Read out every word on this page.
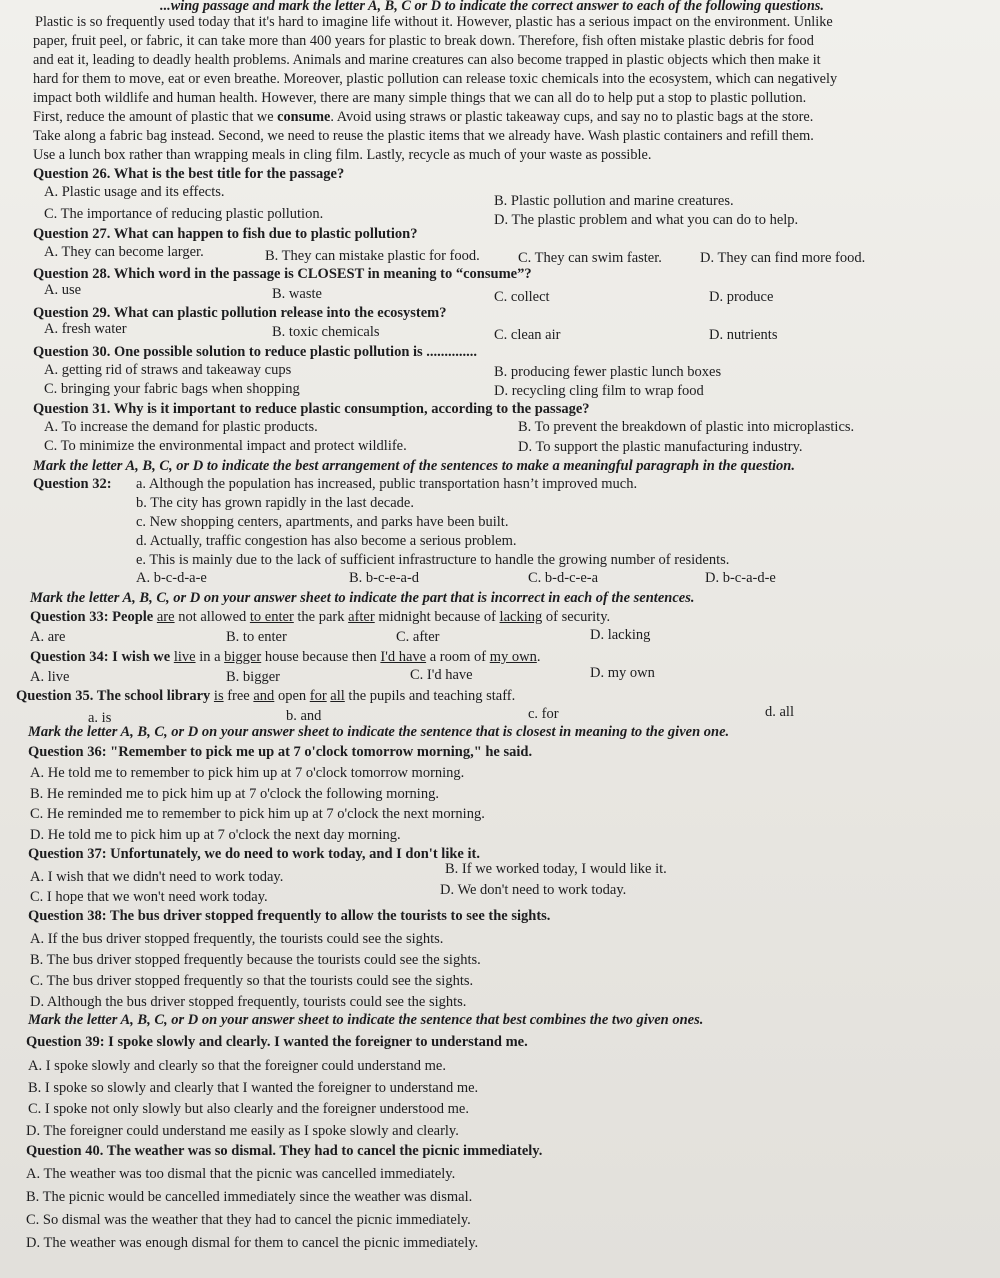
...wing passage and mark the letter A, B, C or D to indicate the correct answer to each of the following questions.
Plastic is so frequently used today that it's hard to imagine life without it. However, plastic has a serious impact on the environment. Unlike
paper, fruit peel, or fabric, it can take more than 400 years for plastic to break down. Therefore, fish often mistake plastic debris for food
and eat it, leading to deadly health problems. Animals and marine creatures can also become trapped in plastic objects which then make it
hard for them to move, eat or even breathe. Moreover, plastic pollution can release toxic chemicals into the ecosystem, which can negatively
impact both wildlife and human health. However, there are many simple things that we can all do to help put a stop to plastic pollution.
First, reduce the amount of plastic that we consume. Avoid using straws or plastic takeaway cups, and say no to plastic bags at the store.
Take along a fabric bag instead. Second, we need to reuse the plastic items that we already have. Wash plastic containers and refill them.
Use a lunch box rather than wrapping meals in cling film. Lastly, recycle as much of your waste as possible.
Question 26. What is the best title for the passage?
A. Plastic usage and its effects.
B. Plastic pollution and marine creatures.
C. The importance of reducing plastic pollution.	D. The plastic problem and what you can do to help.
Question 27. What can happen to fish due to plastic pollution?
A. They can become larger.	B. They can mistake plastic for food.	C. They can swim faster.	D. They can find more food.
Question 28. Which word in the passage is CLOSEST in meaning to “consume”?
A. use	B. waste	C. collect	D. produce
Question 29. What can plastic pollution release into the ecosystem?
A. fresh water	B. toxic chemicals	C. clean air	D. nutrients
Question 30. One possible solution to reduce plastic pollution is ..............
A. getting rid of straws and takeaway cups	B. producing fewer plastic lunch boxes
C. bringing your fabric bags when shopping	D. recycling cling film to wrap food
Question 31. Why is it important to reduce plastic consumption, according to the passage?
A. To increase the demand for plastic products.	B. To prevent the breakdown of plastic into microplastics.
C. To minimize the environmental impact and protect wildlife.	D. To support the plastic manufacturing industry.
Mark the letter A, B, C, or D to indicate the best arrangement of the sentences to make a meaningful paragraph in the question.
Question 32: a. Although the population has increased, public transportation hasn’t improved much.
b. The city has grown rapidly in the last decade.
c. New shopping centers, apartments, and parks have been built.
d. Actually, traffic congestion has also become a serious problem.
e. This is mainly due to the lack of sufficient infrastructure to handle the growing number of residents.
A. b-c-d-a-e	B. b-c-e-a-d	C. b-d-c-e-a	D. b-c-a-d-e
Mark the letter A, B, C, or D on your answer sheet to indicate the part that is incorrect in each of the sentences.
Question 33: People are not allowed to enter the park after midnight because of lacking of security.
A. are	B. to enter	C. after	D. lacking
Question 34: I wish we live in a bigger house because then I'd have a room of my own.
A. live	B. bigger	C. I'd have	D. my own
Question 35. The school library is free and open for all the pupils and teaching staff.
a. is	b. and	c. for	d. all
Mark the letter A, B, C, or D on your answer sheet to indicate the sentence that is closest in meaning to the given one.
Question 36: "Remember to pick me up at 7 o'clock tomorrow morning," he said.
A. He told me to remember to pick him up at 7 o'clock tomorrow morning.
B. He reminded me to pick him up at 7 o'clock the following morning.
C. He reminded me to remember to pick him up at 7 o'clock the next morning.
D. He told me to pick him up at 7 o'clock the next day morning.
Question 37: Unfortunately, we do need to work today, and I don't like it.
A. I wish that we didn't need to work today.	B. If we worked today, I would like it.
C. I hope that we won't need work today.	D. We don't need to work today.
Question 38: The bus driver stopped frequently to allow the tourists to see the sights.
A. If the bus driver stopped frequently, the tourists could see the sights.
B. The bus driver stopped frequently because the tourists could see the sights.
C. The bus driver stopped frequently so that the tourists could see the sights.
D. Although the bus driver stopped frequently, tourists could see the sights.
Mark the letter A, B, C, or D on your answer sheet to indicate the sentence that best combines the two given ones.
Question 39: I spoke slowly and clearly. I wanted the foreigner to understand me.
A. I spoke slowly and clearly so that the foreigner could understand me.
B. I spoke so slowly and clearly that I wanted the foreigner to understand me.
C. I spoke not only slowly but also clearly and the foreigner understood me.
D. The foreigner could understand me easily as I spoke slowly and clearly.
Question 40. The weather was so dismal. They had to cancel the picnic immediately.
A. The weather was too dismal that the picnic was cancelled immediately.
B. The picnic would be cancelled immediately since the weather was dismal.
C. So dismal was the weather that they had to cancel the picnic immediately.
D. The weather was enough dismal for them to cancel the picnic immediately.
